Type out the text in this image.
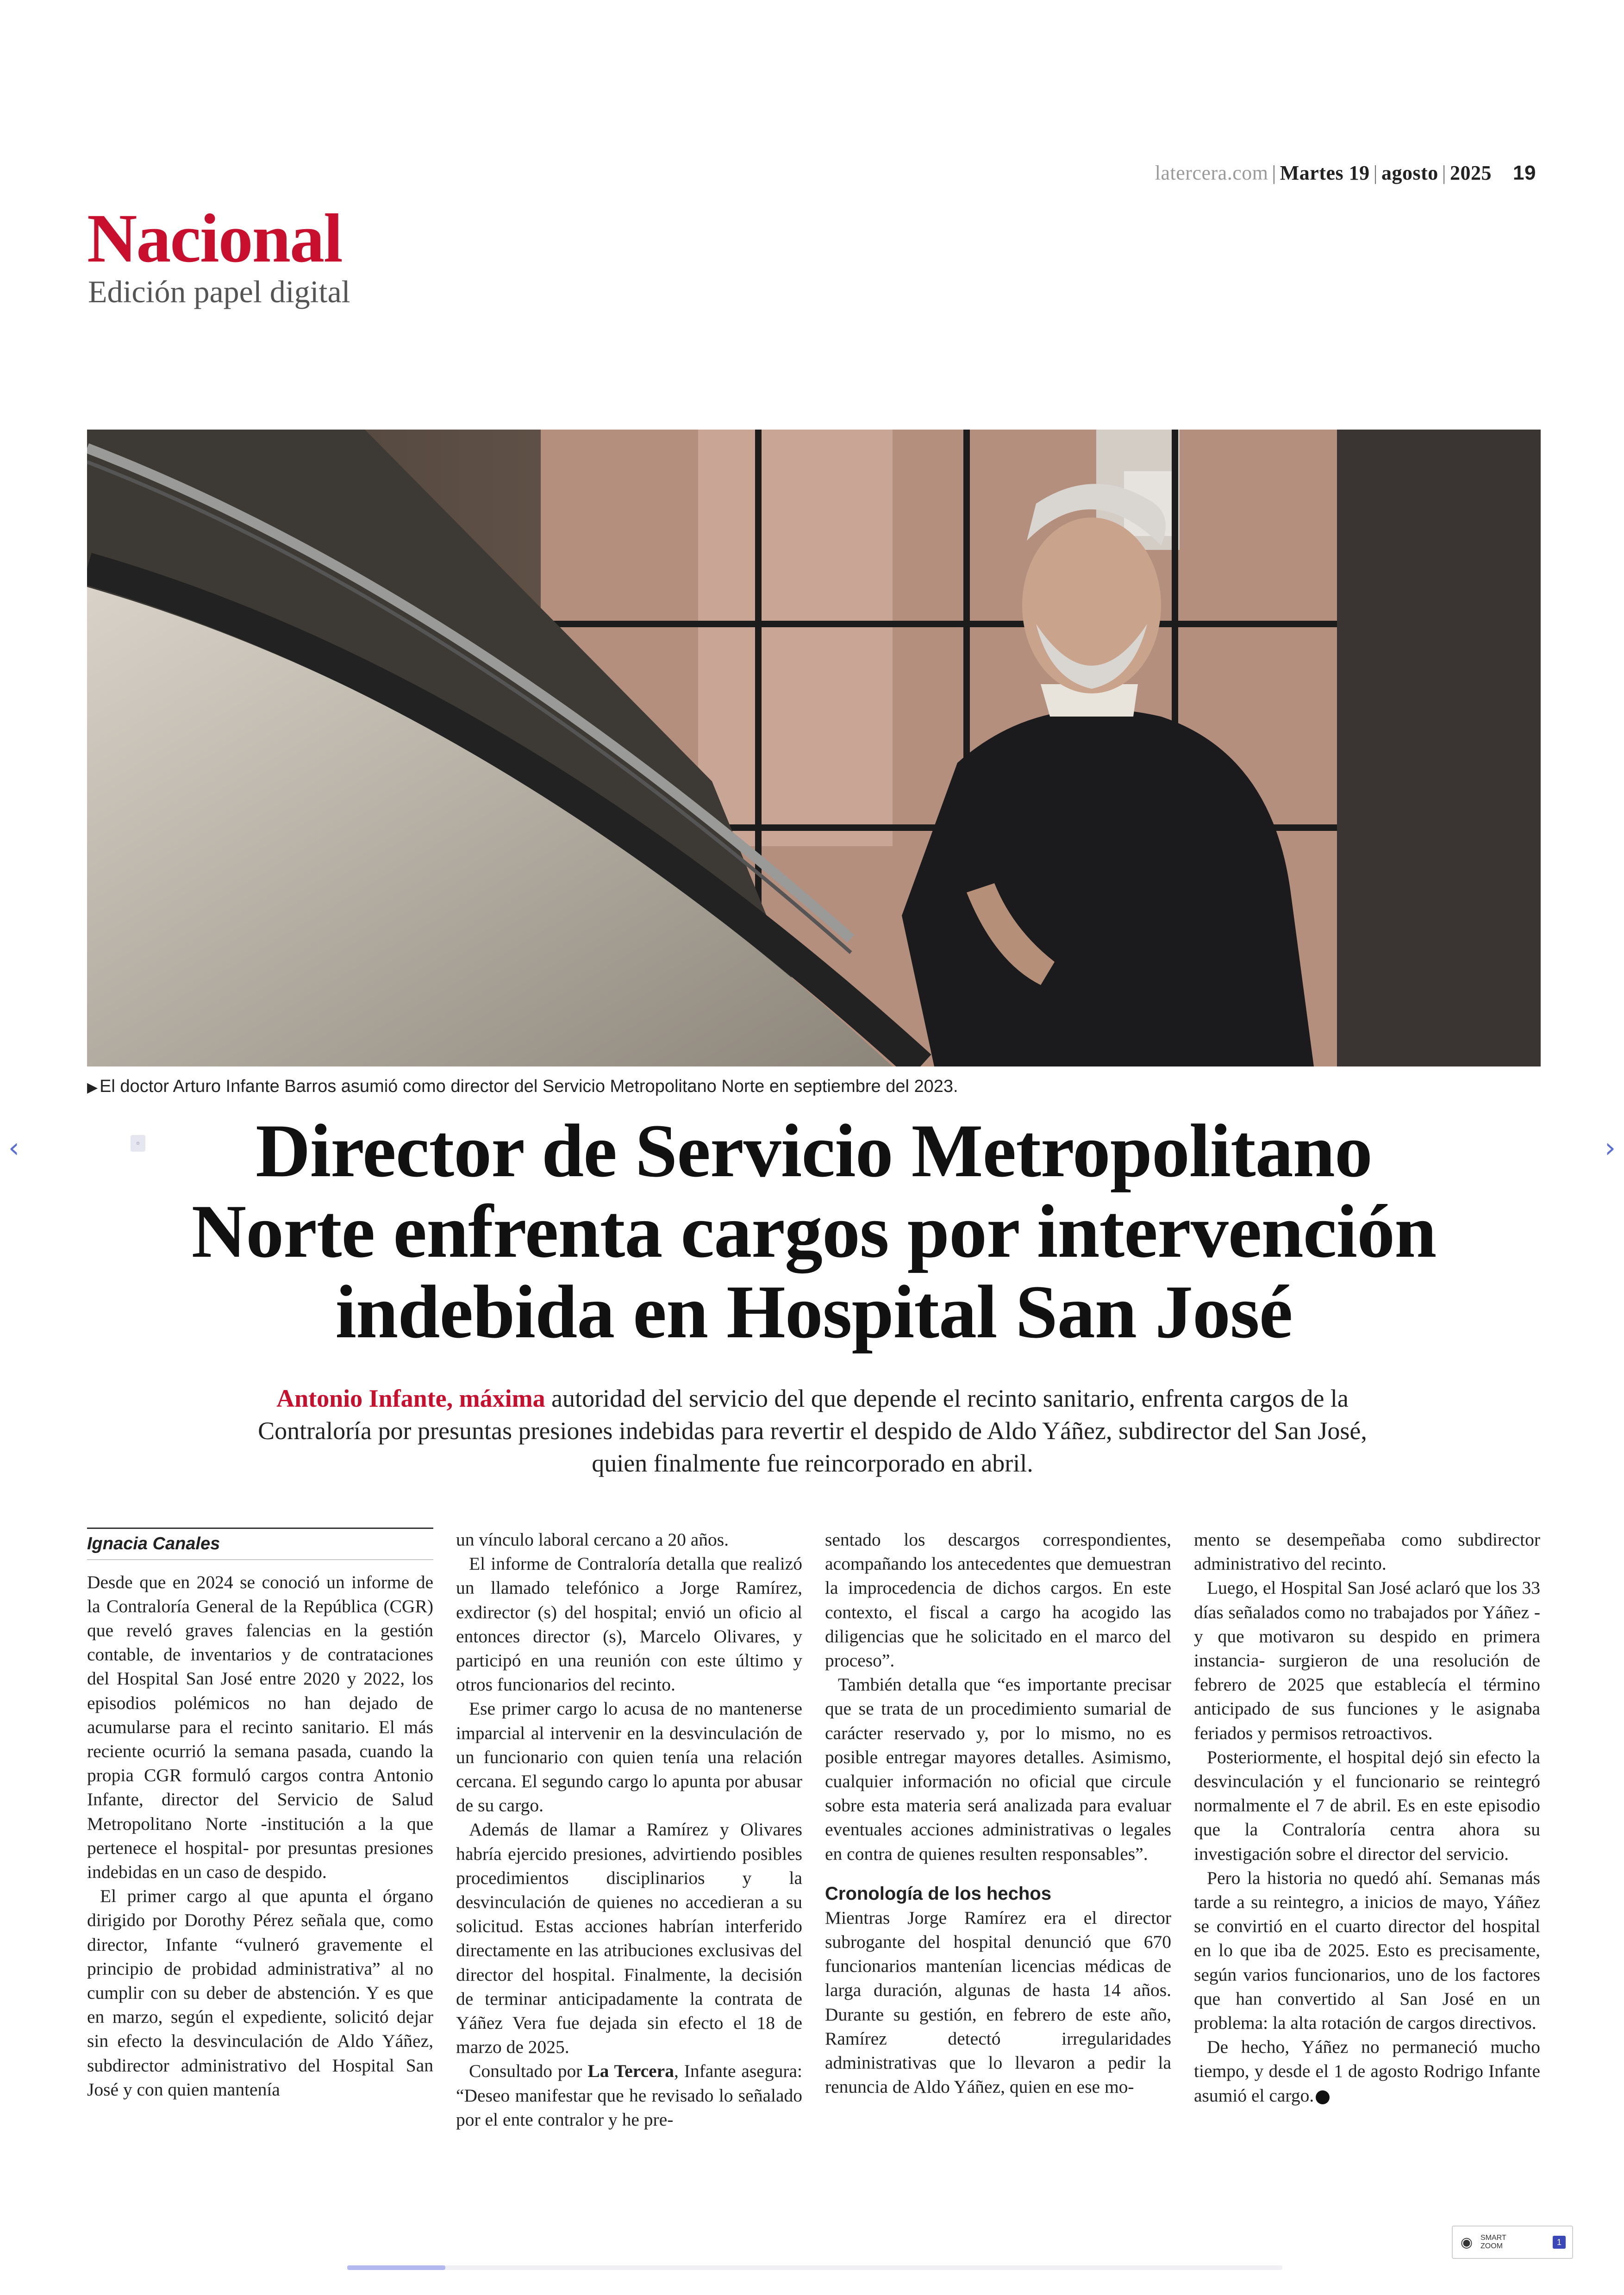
latercera.com | Martes 19 | agosto | 2025 19
Nacional
Edición papel digital
▶ El doctor Arturo Infante Barros asumió como director del Servicio Metropolitano Norte en septiembre del 2023.
‹	›
▫	Director de Servicio Metropolitano
Norte enfrenta cargos por intervención
indebida en Hospital San José
Antonio Infante, máxima autoridad del servicio del que depende el recinto sanitario, enfrenta cargos de la Contraloría por presuntas presiones indebidas para revertir el despido de Aldo Yáñez, subdirector del San José, quien finalmente fue reincorporado en abril.
Ignacia Canales

Desde que en 2024 se conoció un informe de la Contraloría General de la República (CGR) que reveló graves falencias en la gestión contable, de inventarios y de contrataciones del Hospital San José entre 2020 y 2022, los episodios polémicos no han dejado de acumularse para el recinto sanitario. El más reciente ocurrió la semana pasada, cuando la propia CGR formuló cargos contra Antonio Infante, director del Servicio de Salud Metropolitano Norte -institución a la que pertenece el hospital- por presuntas presiones indebidas en un caso de despido.

El primer cargo al que apunta el órgano dirigido por Dorothy Pérez señala que, como director, Infante “vulneró gravemente el principio de probidad administrativa” al no cumplir con su deber de abstención. Y es que en marzo, según el expediente, solicitó dejar sin efecto la desvinculación de Aldo Yáñez, subdirector administrativo del Hospital San José y con quien mantenía

un vínculo laboral cercano a 20 años.

El informe de Contraloría detalla que realizó un llamado telefónico a Jorge Ramírez, exdirector (s) del hospital; envió un oficio al entonces director (s), Marcelo Olivares, y participó en una reunión con este último y otros funcionarios del recinto.

Ese primer cargo lo acusa de no mantenerse imparcial al intervenir en la desvinculación de un funcionario con quien tenía una relación cercana. El segundo cargo lo apunta por abusar de su cargo.

Además de llamar a Ramírez y Olivares habría ejercido presiones, advirtiendo posibles procedimientos disciplinarios y la desvinculación de quienes no accedieran a su solicitud. Estas acciones habrían interferido directamente en las atribuciones exclusivas del director del hospital. Finalmente, la decisión de terminar anticipadamente la contrata de Yáñez Vera fue dejada sin efecto el 18 de marzo de 2025.

Consultado por La Tercera, Infante asegura: “Deseo manifestar que he revisado lo señalado por el ente contralor y he pre-

sentado los descargos correspondientes, acompañando los antecedentes que demuestran la improcedencia de dichos cargos. En este contexto, el fiscal a cargo ha acogido las diligencias que he solicitado en el marco del proceso”.

También detalla que “es importante precisar que se trata de un procedimiento sumarial de carácter reservado y, por lo mismo, no es posible entregar mayores detalles. Asimismo, cualquier información no oficial que circule sobre esta materia será analizada para evaluar eventuales acciones administrativas o legales en contra de quienes resulten responsables”.

Cronología de los hechos

Mientras Jorge Ramírez era el director subrogante del hospital denunció que 670 funcionarios mantenían licencias médicas de larga duración, algunas de hasta 14 años. Durante su gestión, en febrero de este año, Ramírez detectó irregularidades administrativas que lo llevaron a pedir la renuncia de Aldo Yáñez, quien en ese mo-

mento se desempeñaba como subdirector administrativo del recinto.

Luego, el Hospital San José aclaró que los 33 días señalados como no trabajados por Yáñez -y que motivaron su despido en primera instancia- surgieron de una resolución de febrero de 2025 que establecía el término anticipado de sus funciones y le asignaba feriados y permisos retroactivos.

Posteriormente, el hospital dejó sin efecto la desvinculación y el funcionario se reintegró normalmente el 7 de abril. Es en este episodio que la Contraloría centra ahora su investigación sobre el director del servicio.

Pero la historia no quedó ahí. Semanas más tarde a su reintegro, a inicios de mayo, Yáñez se convirtió en el cuarto director del hospital en lo que iba de 2025. Esto es precisamente, según varios funcionarios, uno de los factores que han convertido al San José en un problema: la alta rotación de cargos directivos.

De hecho, Yáñez no permaneció mucho tiempo, y desde el 1 de agosto Rodrigo Infante asumió el cargo.

◉	SMART
ZOOM	1
